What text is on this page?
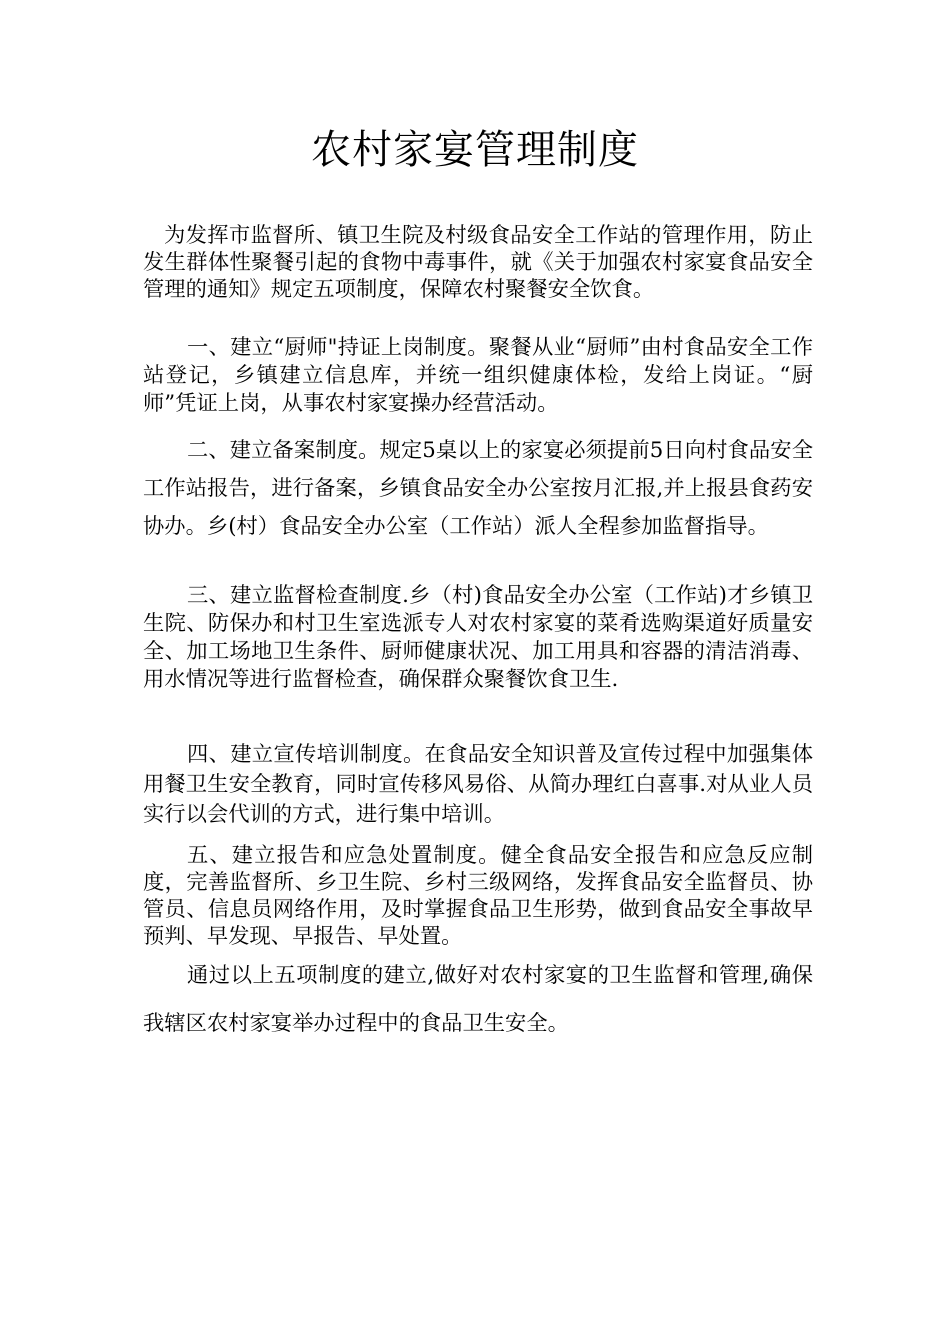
农村家宴管理制度

为发挥市监督所、镇卫生院及村级食品安全工作站的管理作用，防止发生群体性聚餐引起的食物中毒事件，就《关于加强农村家宴食品安全管理的通知》规定五项制度，保障农村聚餐安全饮食。

一、建立“厨师"持证上岗制度。聚餐从业“厨师”由村食品安全工作站登记，乡镇建立信息库，并统一组织健康体检，发给上岗证。“厨师”凭证上岗，从事农村家宴操办经营活动。

二、建立备案制度。规定5桌以上的家宴必须提前5日向村食品安全工作站报告，进行备案，乡镇食品安全办公室按月汇报,并上报县食药安协办。乡(村）食品安全办公室（工作站）派人全程参加监督指导。

三、建立监督检查制度.乡（村)食品安全办公室（工作站)才乡镇卫生院、防保办和村卫生室选派专人对农村家宴的菜肴选购渠道好质量安全、加工场地卫生条件、厨师健康状况、加工用具和容器的清洁消毒、用水情况等进行监督检查，确保群众聚餐饮食卫生.

四、建立宣传培训制度。在食品安全知识普及宣传过程中加强集体用餐卫生安全教育，同时宣传移风易俗、从简办理红白喜事.对从业人员实行以会代训的方式，进行集中培训。

五、建立报告和应急处置制度。健全食品安全报告和应急反应制度，完善监督所、乡卫生院、乡村三级网络，发挥食品安全监督员、协管员、信息员网络作用，及时掌握食品卫生形势，做到食品安全事故早预判、早发现、早报告、早处置。

通过以上五项制度的建立,做好对农村家宴的卫生监督和管理,确保我辖区农村家宴举办过程中的食品卫生安全。
